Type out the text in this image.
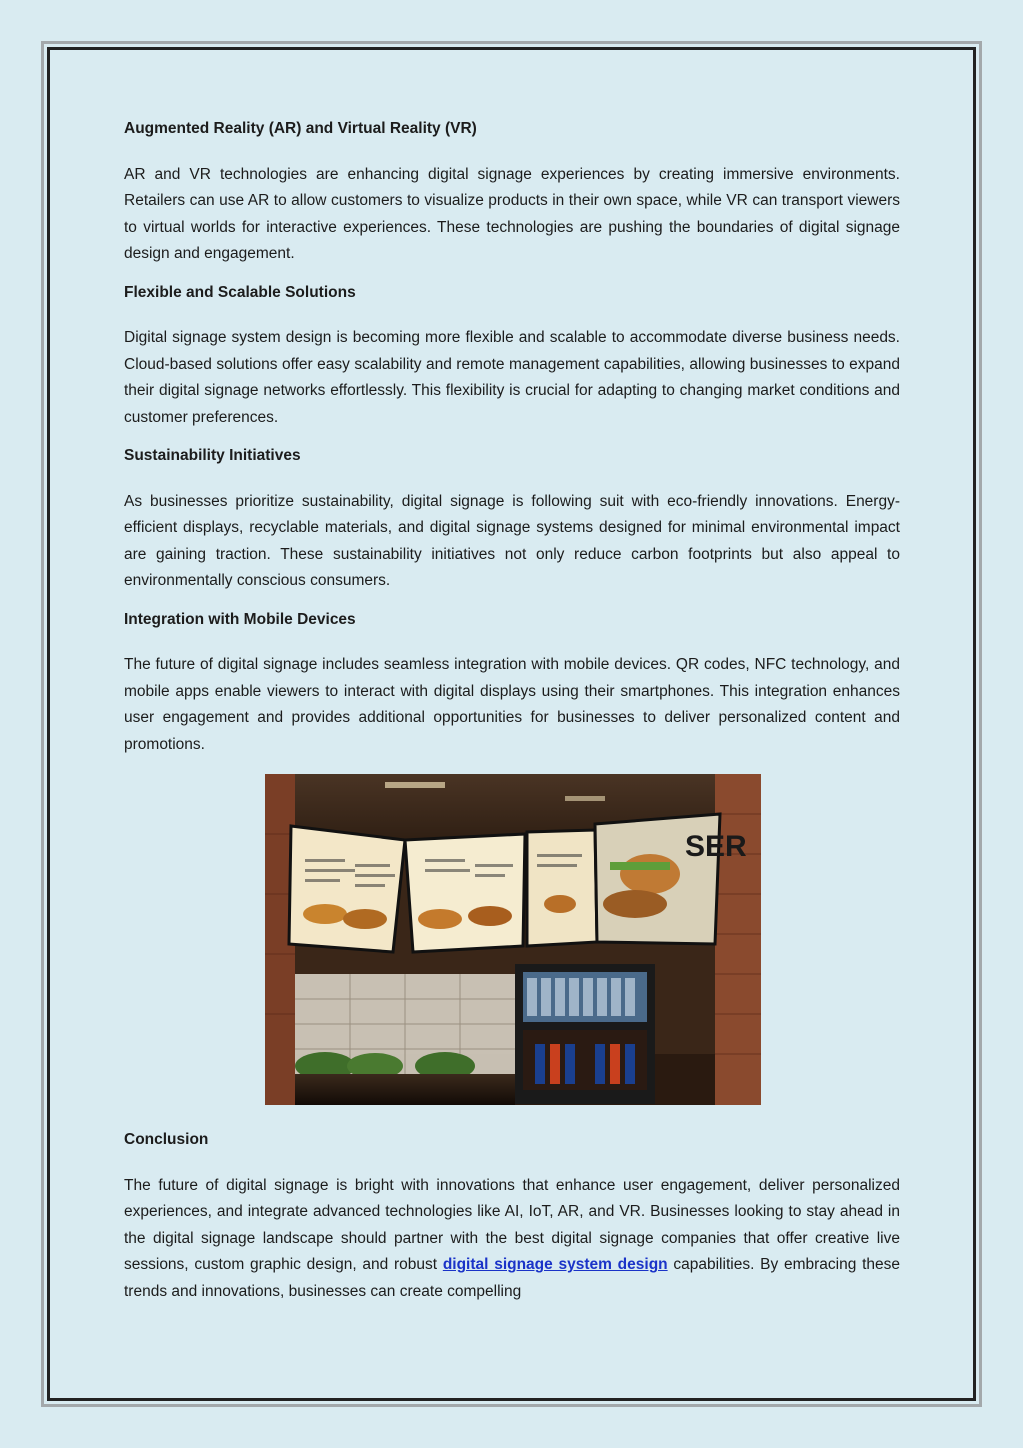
Augmented Reality (AR) and Virtual Reality (VR)

AR and VR technologies are enhancing digital signage experiences by creating immersive environments. Retailers can use AR to allow customers to visualize products in their own space, while VR can transport viewers to virtual worlds for interactive experiences. These technologies are pushing the boundaries of digital signage design and engagement.

Flexible and Scalable Solutions

Digital signage system design is becoming more flexible and scalable to accommodate diverse business needs. Cloud-based solutions offer easy scalability and remote management capabilities, allowing businesses to expand their digital signage networks effortlessly. This flexibility is crucial for adapting to changing market conditions and customer preferences.

Sustainability Initiatives

As businesses prioritize sustainability, digital signage is following suit with eco-friendly innovations. Energy-efficient displays, recyclable materials, and digital signage systems designed for minimal environmental impact are gaining traction. These sustainability initiatives not only reduce carbon footprints but also appeal to environmentally conscious consumers.

Integration with Mobile Devices

The future of digital signage includes seamless integration with mobile devices. QR codes, NFC technology, and mobile apps enable viewers to interact with digital displays using their smartphones. This integration enhances user engagement and provides additional opportunities for businesses to deliver personalized content and promotions.

SER
Conclusion

The future of digital signage is bright with innovations that enhance user engagement, deliver personalized experiences, and integrate advanced technologies like AI, IoT, AR, and VR. Businesses looking to stay ahead in the digital signage landscape should partner with the best digital signage companies that offer creative live sessions, custom graphic design, and robust digital signage system design capabilities. By embracing these trends and innovations, businesses can create compelling
